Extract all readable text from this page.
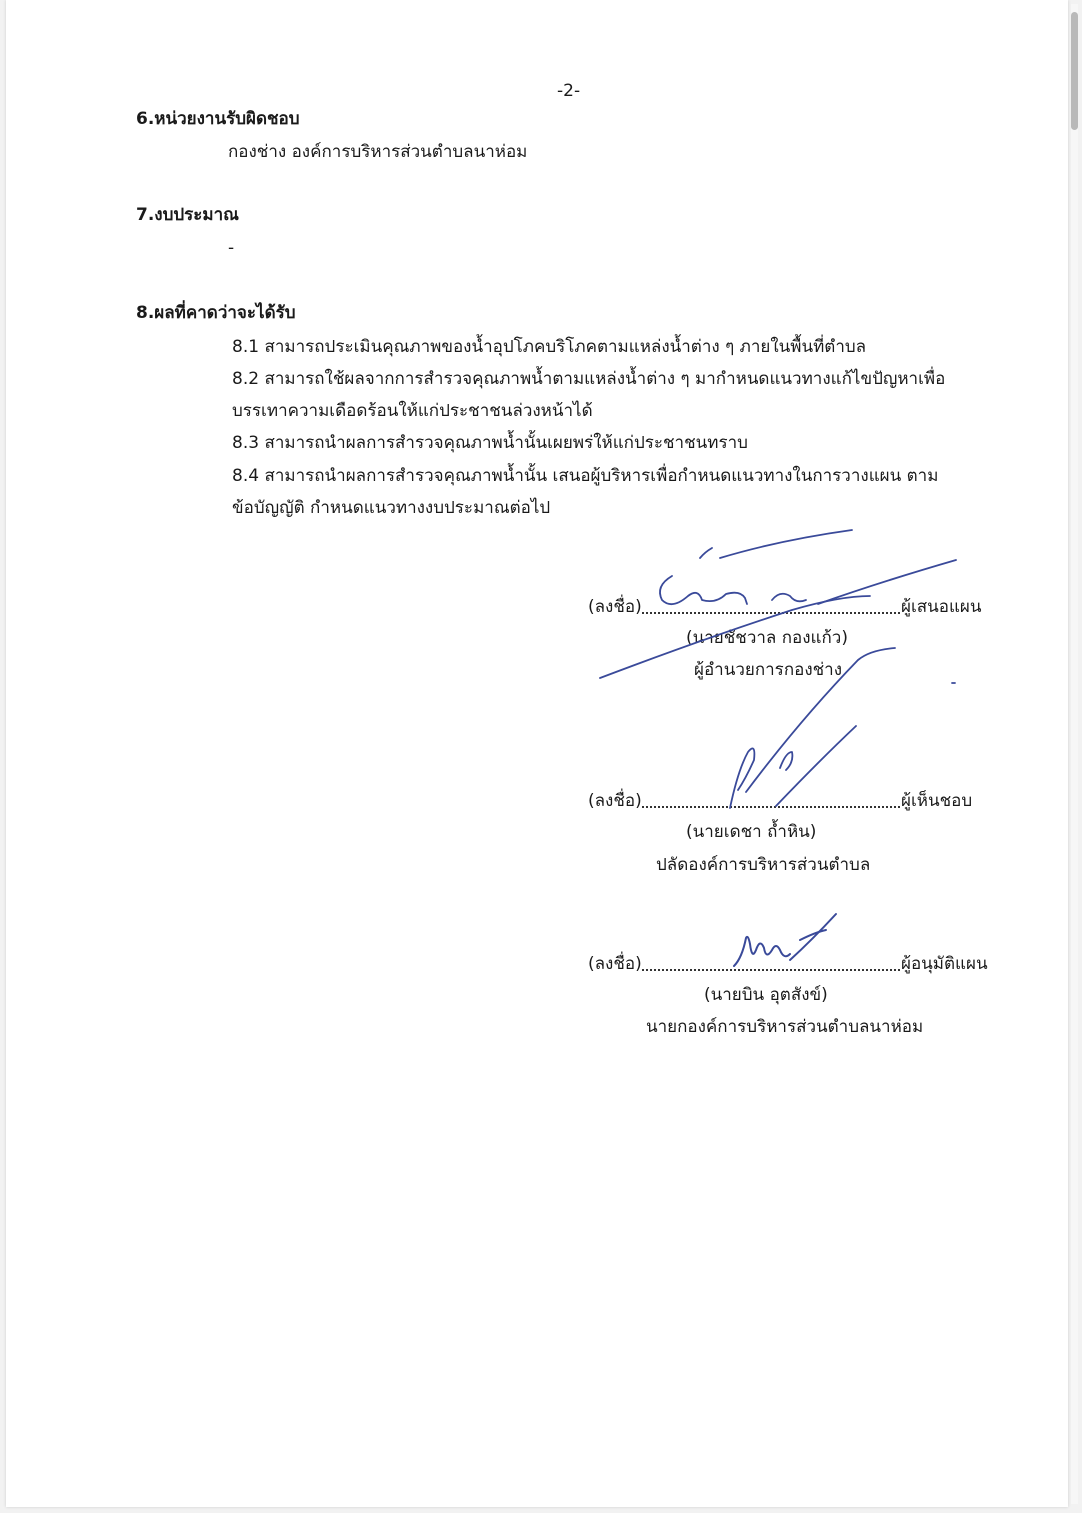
-2-
6.หน่วยงานรับผิดชอบ
กองช่าง องค์การบริหารส่วนตำบลนาห่อม
7.งบประมาณ
-
8.ผลที่คาดว่าจะได้รับ
8.1 สามารถประเมินคุณภาพของน้ำอุปโภคบริโภคตามแหล่งน้ำต่าง ๆ ภายในพื้นที่ตำบล
8.2 สามารถใช้ผลจากการสำรวจคุณภาพน้ำตามแหล่งน้ำต่าง ๆ มากำหนดแนวทางแก้ไขปัญหาเพื่อ
บรรเทาความเดือดร้อนให้แก่ประชาชนล่วงหน้าได้
8.3 สามารถนำผลการสำรวจคุณภาพน้ำนั้นเผยพร่ให้แก่ประชาชนทราบ
8.4 สามารถนำผลการสำรวจคุณภาพน้ำนั้น เสนอผู้บริหารเพื่อกำหนดแนวทางในการวางแผน ตาม
ข้อบัญญัติ กำหนดแนวทางงบประมาณต่อไป
(ลงชื่อ)	ผู้เสนอแผน
(นายชัชวาล กองแก้ว)
ผู้อำนวยการกองช่าง
(ลงชื่อ)	ผู้เห็นชอบ
(นายเดชา ถ้ำหิน)
ปลัดองค์การบริหารส่วนตำบล
(ลงชื่อ)	ผู้อนุมัติแผน
(นายบิน อุตสังข์)
นายกองค์การบริหารส่วนตำบลนาห่อม
